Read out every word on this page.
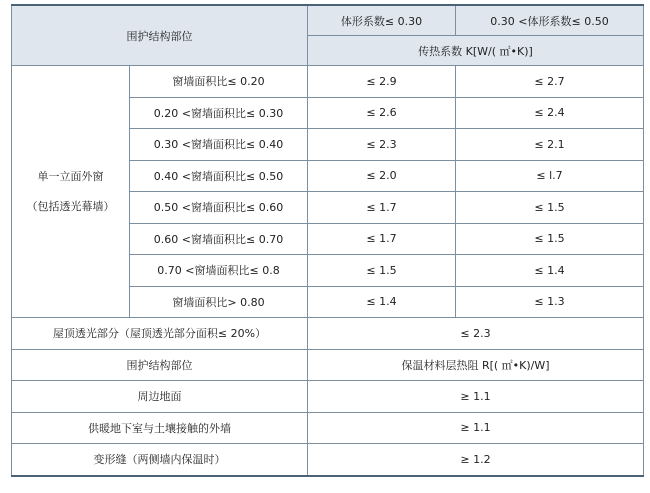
围护结构部位		体形系数≤ 0.30	0.30 <体形系数≤ 0.50
		传热系数 K[W/( ㎡•K)]	

单一立面外窗
（包括透光幕墙）	窗墙面积比≤ 0.20	≤ 2.9	≤ 2.7
	0.20 <窗墙面积比≤ 0.30	≤ 2.6	≤ 2.4
	0.30 <窗墙面积比≤ 0.40	≤ 2.3	≤ 2.1
	0.40 <窗墙面积比≤ 0.50	≤ 2.0	≤ l.7
	0.50 <窗墙面积比≤ 0.60	≤ 1.7	≤ 1.5
	0.60 <窗墙面积比≤ 0.70	≤ 1.7	≤ 1.5
	0.70 <窗墙面积比≤ 0.8	≤ 1.5	≤ 1.4
	窗墙面积比> 0.80	≤ 1.4	≤ 1.3
屋顶透光部分（屋顶透光部分面积≤ 20%）		≤ 2.3	
围护结构部位		保温材料层热阻 R[( ㎡•K)/W]	
周边地面		≥ 1.1	
供暖地下室与土壤接触的外墙		≥ 1.1	
变形缝（两侧墙内保温时）		≥ 1.2	
